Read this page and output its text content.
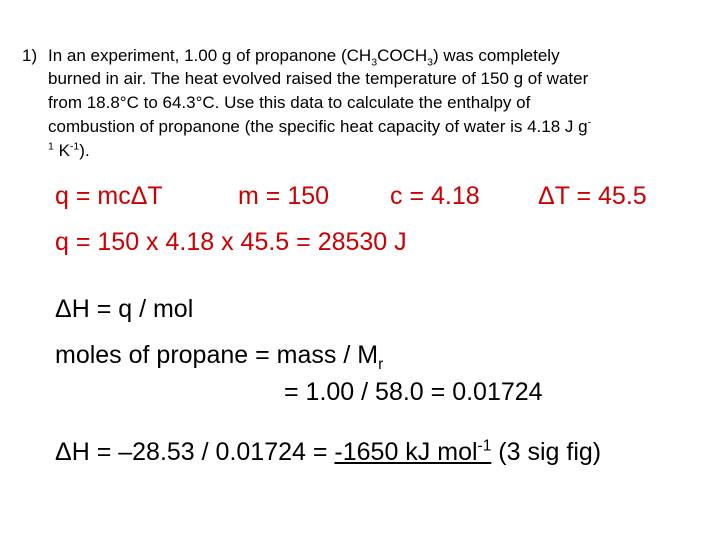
1) In an experiment, 1.00 g of propanone $(CH_3COCH_3)$ was completely
burned in air. The heat evolved raised the temperature of 150 g of water
from 18.8°C to 64.3°C. Use this data to calculate the enthalpy of
combustion of propanone (the specific heat capacity of water is 4.18 J g-
$^1$ $K^{-1}$).
q = mcΔT	m = 150 c = 4.18 ΔT = 45.5
q = 150 x 4.18 x 45.5 = 28530 J
ΔH = q / mol
moles of propane = mass / $M_r$
= 1.00 / 58.0 = 0.01724
ΔH = –28.53 / 0.01724 = -1650 kJ mol$^{-1}$ (3 sig fig)
